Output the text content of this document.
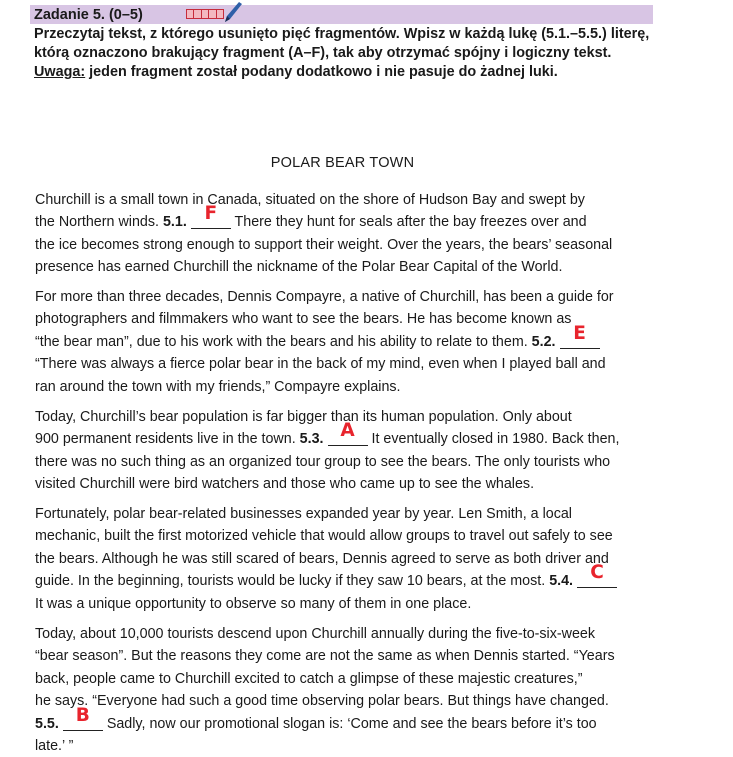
Zadanie 5. (0–5)
Przeczytaj tekst, z którego usunięto pięć fragmentów. Wpisz w każdą lukę (5.1.–5.5.) literę, którą oznaczono brakujący fragment (A–F), tak aby otrzymać spójny i logiczny tekst.
Uwaga: jeden fragment został podany dodatkowo i nie pasuje do żadnej luki.
POLAR BEAR TOWN
Churchill is a small town in Canada, situated on the shore of Hudson Bay and swept by
the Northern winds. 5.1. F There they hunt for seals after the bay freezes over and
the ice becomes strong enough to support their weight. Over the years, the bears’ seasonal
presence has earned Churchill the nickname of the Polar Bear Capital of the World.
For more than three decades, Dennis Compayre, a native of Churchill, has been a guide for
photographers and filmmakers who want to see the bears. He has become known as
“the bear man”, due to his work with the bears and his ability to relate to them. 5.2. E
“There was always a fierce polar bear in the back of my mind, even when I played ball and
ran around the town with my friends,” Compayre explains.
Today, Churchill’s bear population is far bigger than its human population. Only about
900 permanent residents live in the town. 5.3. A It eventually closed in 1980. Back then,
there was no such thing as an organized tour group to see the bears. The only tourists who
visited Churchill were bird watchers and those who came up to see the whales.
Fortunately, polar bear-related businesses expanded year by year. Len Smith, a local
mechanic, built the first motorized vehicle that would allow groups to travel out safely to see
the bears. Although he was still scared of bears, Dennis agreed to serve as both driver and
guide. In the beginning, tourists would be lucky if they saw 10 bears, at the most. 5.4. C
It was a unique opportunity to observe so many of them in one place.
Today, about 10,000 tourists descend upon Churchill annually during the five-to-six-week
“bear season”. But the reasons they come are not the same as when Dennis started. “Years
back, people came to Churchill excited to catch a glimpse of these majestic creatures,”
he says. “Everyone had such a good time observing polar bears. But things have changed.
5.5. B Sadly, now our promotional slogan is: ‘Come and see the bears before it’s too
late.’ ”
